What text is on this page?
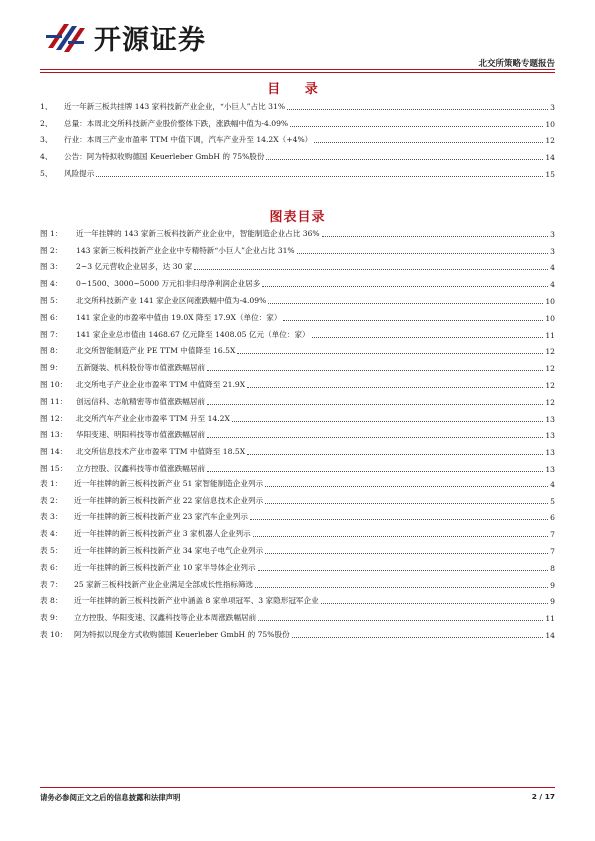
开源证券
北交所策略专题报告
目 录
1、	近一年新三板共挂牌 143 家科技新产业企业，“小巨人”占比 31%	3
2、	总量：本周北交所科技新产业股价整体下跌，涨跌幅中值为-4.09%	10
3、	行业：本周三产业市盈率 TTM 中值下调，汽车产业升至 14.2X（+4%）	12
4、	公告：阿为特拟收购德国 Keuerleber GmbH 的 75%股份	14
5、	风险提示	15
图表目录
图 1：	近一年挂牌的 143 家新三板科技新产业企业中，智能制造企业占比 36%	3
图 2：	143 家新三板科技新产业企业中专精特新“小巨人”企业占比 31%	3
图 3：	2~3 亿元营收企业居多，达 30 家	4
图 4：	0~1500、3000~5000 万元扣非归母净利润企业居多	4
图 5：	北交所科技新产业 141 家企业区间涨跌幅中值为-4.09%	10
图 6：	141 家企业的市盈率中值由 19.0X 降至 17.9X（单位：家）	10
图 7：	141 家企业总市值由 1468.67 亿元降至 1408.05 亿元（单位：家）	11
图 8：	北交所智能制造产业 PE TTM 中值降至 16.5X	12
图 9：	五新隧装、机科股份等市值涨跌幅居前	12
图 10：	北交所电子产业企业市盈率 TTM 中值降至 21.9X	12
图 11：	创远信科、志航精密等市值涨跌幅居前	12
图 12：	北交所汽车产业企业市盈率 TTM 升至 14.2X	13
图 13：	华阳变速、明阳科技等市值涨跌幅居前	13
图 14：	北交所信息技术产业市盈率 TTM 中值降至 18.5X	13
图 15：	立方控股、汉鑫科技等市值涨跌幅居前	13
表 1：	近一年挂牌的新三板科技新产业 51 家智能制造企业列示	4
表 2：	近一年挂牌的新三板科技新产业 22 家信息技术企业列示	5
表 3：	近一年挂牌的新三板科技新产业 23 家汽车企业列示	6
表 4：	近一年挂牌的新三板科技新产业 3 家机器人企业列示	7
表 5：	近一年挂牌的新三板科技新产业 34 家电子电气企业列示	7
表 6：	近一年挂牌的新三板科技新产业 10 家半导体企业列示	8
表 7：	25 家新三板科技新产业企业满足全部成长性指标筛选	9
表 8：	近一年挂牌的新三板科技新产业中涵盖 8 家单项冠军、3 家隐形冠军企业	9
表 9：	立方控股、华阳变速、汉鑫科技等企业本周涨跌幅居前	11
表 10： 阿为特拟以现金方式收购德国 Keuerleber GmbH 的 75%股份	14
请务必参阅正文之后的信息披露和法律声明	2 / 17
